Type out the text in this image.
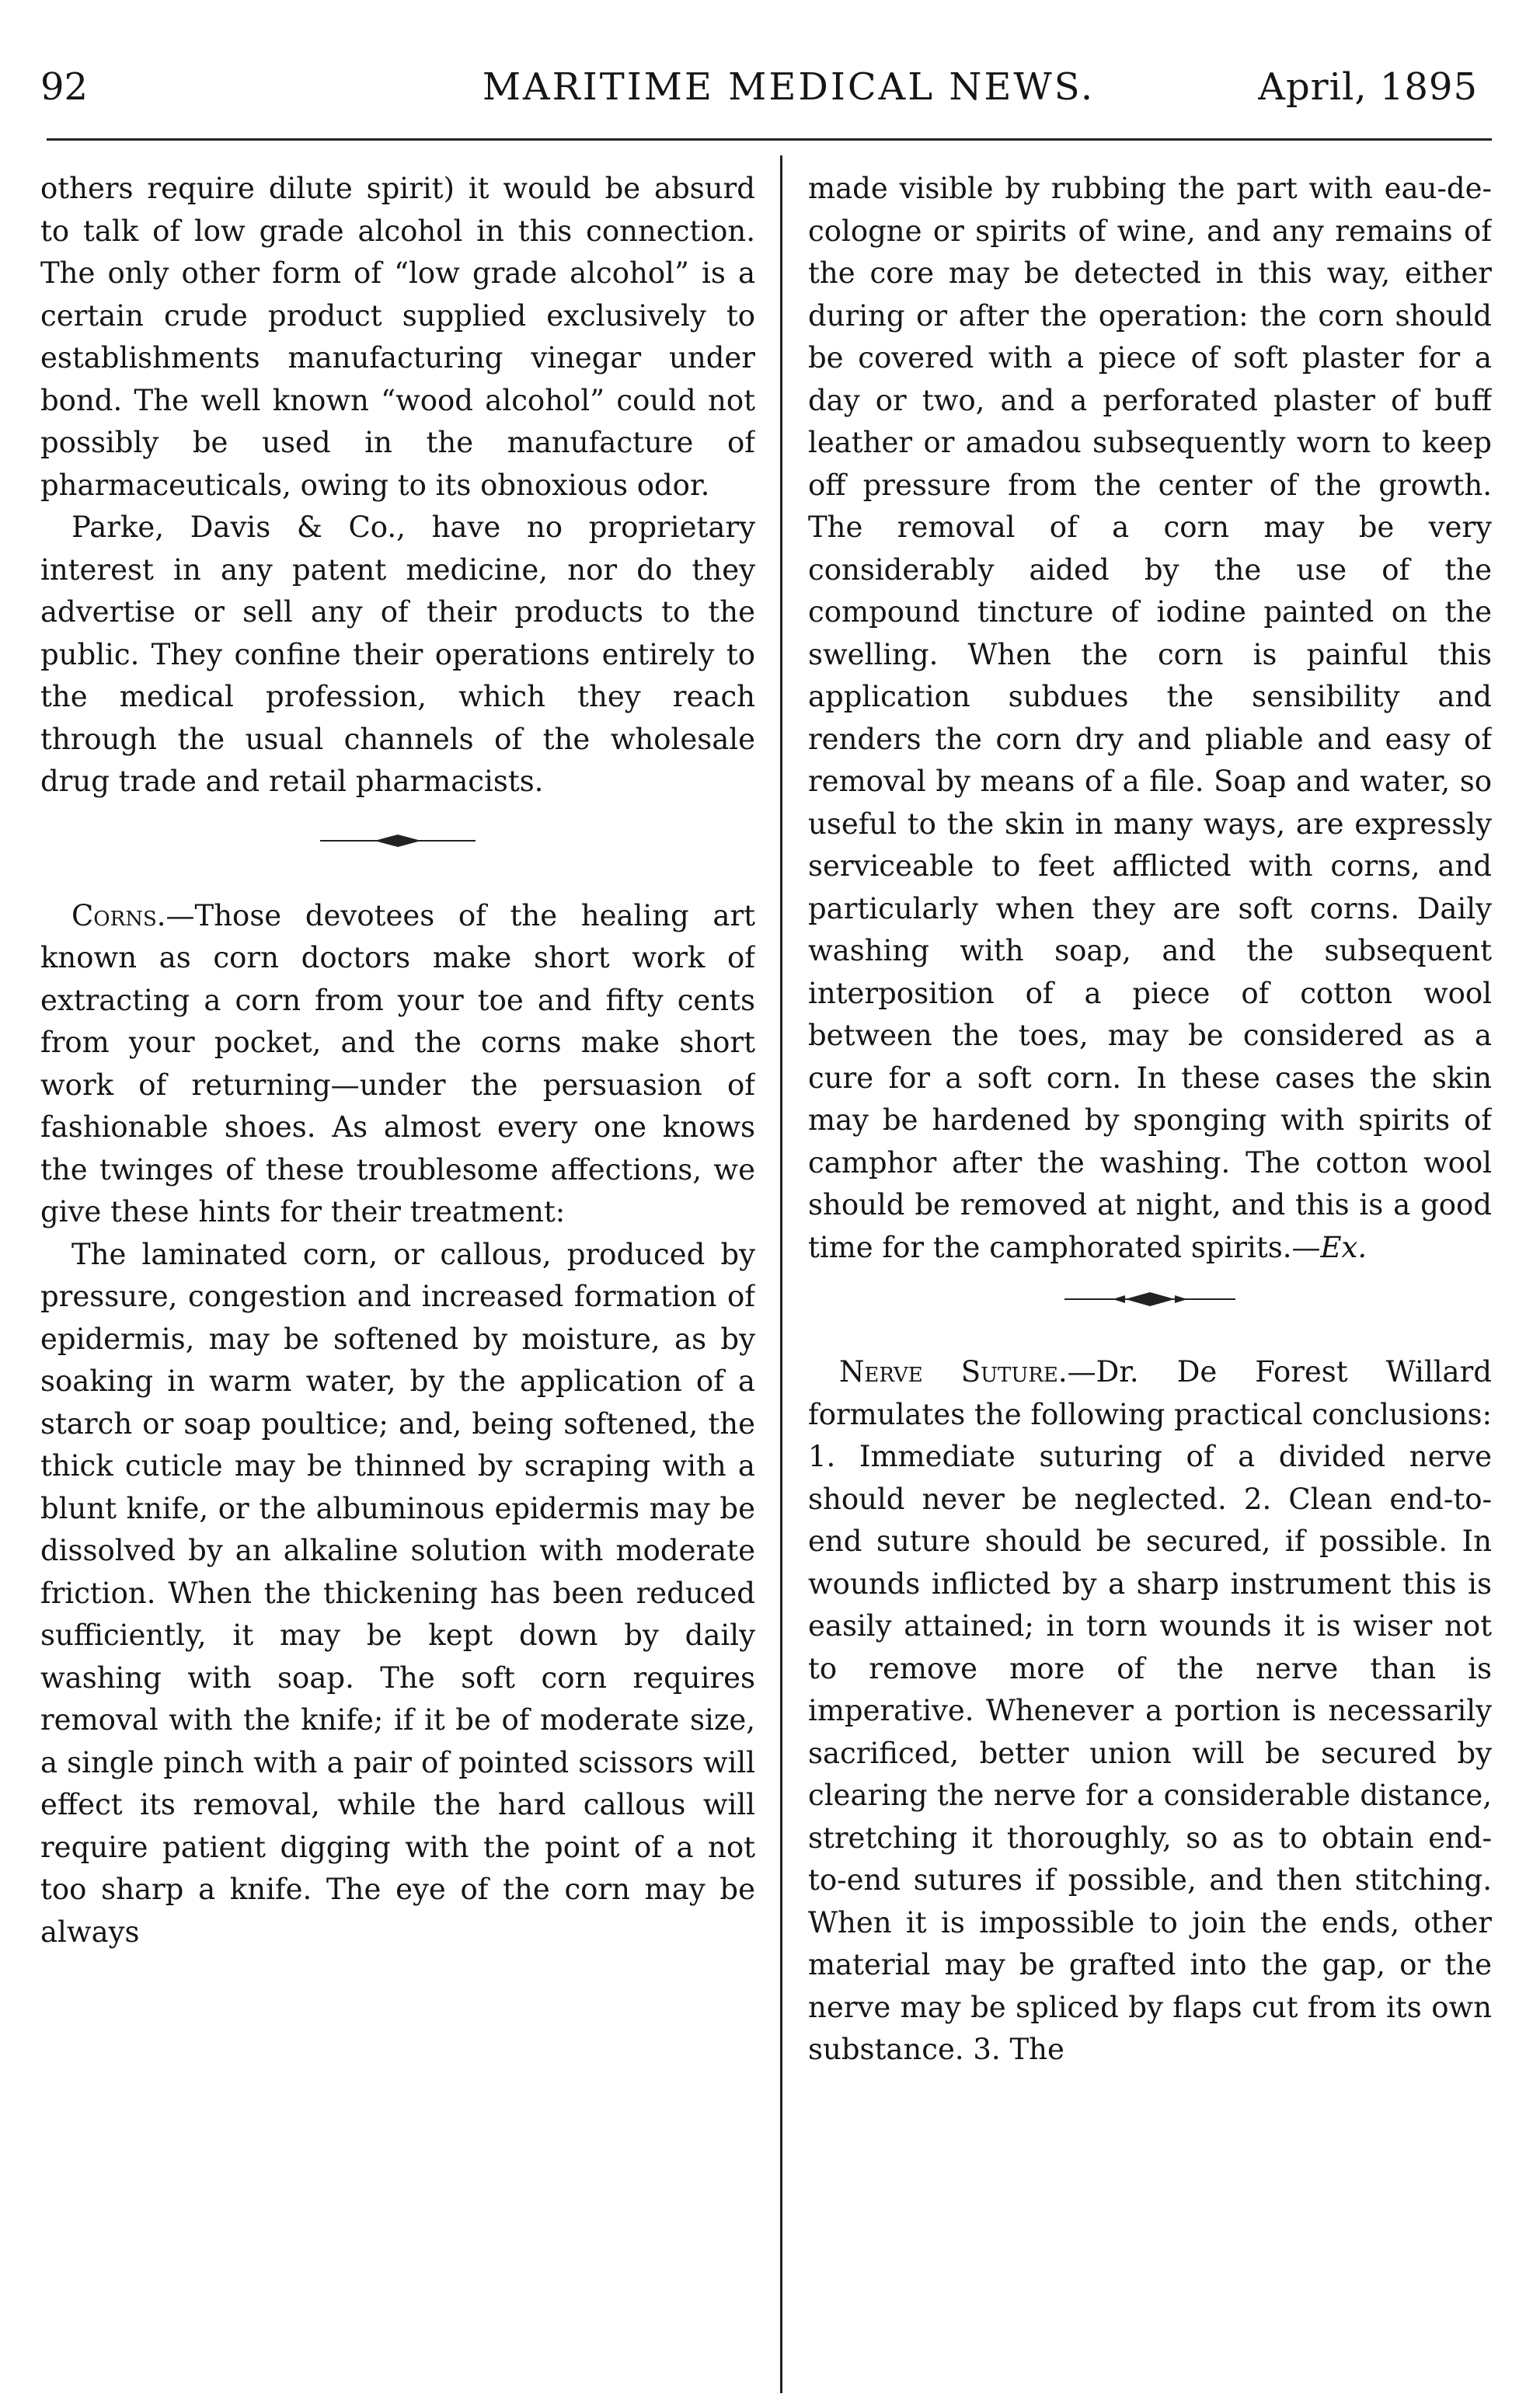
92	MARITIME MEDICAL NEWS.	April, 1895

others require dilute spirit) it would be absurd to talk of low grade alcohol in this connection. The only other form of “low grade alcohol” is a certain crude product supplied exclusively to establishments manufacturing vinegar under bond. The well known “wood alcohol” could not possibly be used in the manufacture of pharmaceuticals, owing to its obnoxious odor.

Parke, Davis & Co., have no proprietary interest in any patent medicine, nor do they advertise or sell any of their products to the public. They confine their operations entirely to the medical profession, which they reach through the usual channels of the wholesale drug trade and retail pharmacists.

Corns.—Those devotees of the healing art known as corn doctors make short work of extracting a corn from your toe and fifty cents from your pocket, and the corns make short work of returning—under the persuasion of fashionable shoes. As almost every one knows the twinges of these troublesome affections, we give these hints for their treatment:

The laminated corn, or callous, produced by pressure, congestion and increased formation of epidermis, may be softened by moisture, as by soaking in warm water, by the application of a starch or soap poultice; and, being softened, the thick cuticle may be thinned by scraping with a blunt knife, or the albuminous epidermis may be dissolved by an alkaline solution with moderate friction. When the thickening has been reduced sufficiently, it may be kept down by daily washing with soap. The soft corn requires removal with the knife; if it be of moderate size, a single pinch with a pair of pointed scissors will effect its removal, while the hard callous will require patient digging with the point of a not too sharp a knife. The eye of the corn may be always

made visible by rubbing the part with eau-de-cologne or spirits of wine, and any remains of the core may be detected in this way, either during or after the operation: the corn should be covered with a piece of soft plaster for a day or two, and a perforated plaster of buff leather or amadou subsequently worn to keep off pressure from the center of the growth. The removal of a corn may be very considerably aided by the use of the compound tincture of iodine painted on the swelling. When the corn is painful this application subdues the sensibility and renders the corn dry and pliable and easy of removal by means of a file. Soap and water, so useful to the skin in many ways, are expressly serviceable to feet afflicted with corns, and particularly when they are soft corns. Daily washing with soap, and the subsequent interposition of a piece of cotton wool between the toes, may be considered as a cure for a soft corn. In these cases the skin may be hardened by sponging with spirits of camphor after the washing. The cotton wool should be removed at night, and this is a good time for the camphorated spirits.—Ex.

Nerve Suture.—Dr. De Forest Willard formulates the following practical conclusions: 1. Immediate suturing of a divided nerve should never be neglected. 2. Clean end-to-end suture should be secured, if possible. In wounds inflicted by a sharp instrument this is easily attained; in torn wounds it is wiser not to remove more of the nerve than is imperative. Whenever a portion is necessarily sacrificed, better union will be secured by clearing the nerve for a considerable distance, stretching it thoroughly, so as to obtain end-to-end sutures if possible, and then stitching. When it is impossible to join the ends, other material may be grafted into the gap, or the nerve may be spliced by flaps cut from its own substance. 3. The
